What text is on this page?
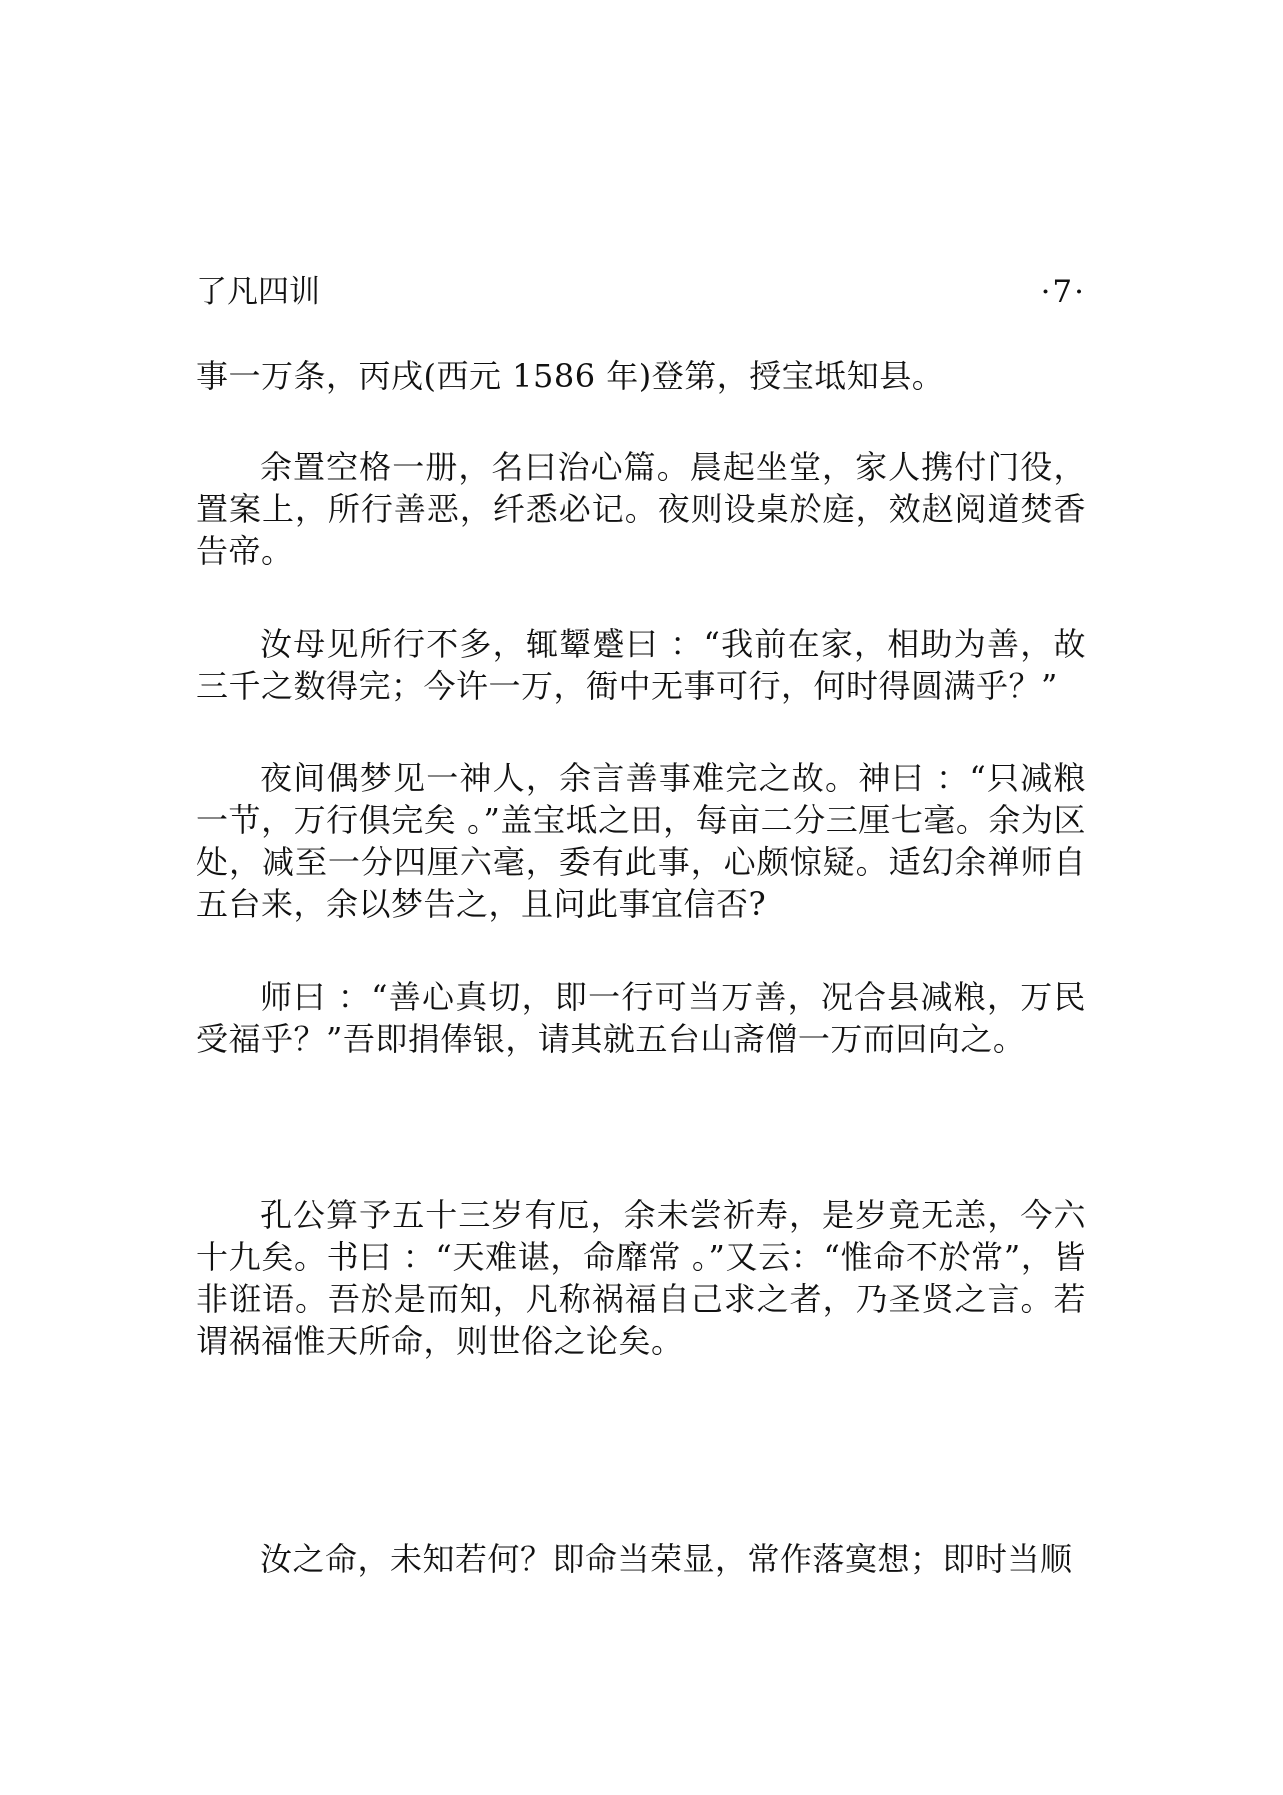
了凡四训	·7·

事一万条，丙戌(西元 1586 年)登第，授宝坻知县。

余置空格一册，名曰治心篇。晨起坐堂，家人携付门役，置案上，所行善恶，纤悉必记。夜则设桌於庭，效赵阅道焚香告帝。

汝母见所行不多，辄颦蹙曰 ：“我前在家，相助为善，故三千之数得完；今许一万，衙中无事可行，何时得圆满乎？”

夜间偶梦见一神人，余言善事难完之故。神曰 ：“只减粮一节，万行俱完矣 。”盖宝坻之田，每亩二分三厘七毫。余为区处，减至一分四厘六毫，委有此事，心颇惊疑。适幻余禅师自五台来，余以梦告之，且问此事宜信否?

师曰 ：“善心真切，即一行可当万善，况合县减粮，万民受福乎？”吾即捐俸银，请其就五台山斋僧一万而回向之。

孔公算予五十三岁有厄，余未尝祈寿，是岁竟无恙，今六十九矣。书曰 ：“天难谌，命靡常 。”又云：“惟命不於常”，皆非诳语。吾於是而知，凡称祸福自己求之者，乃圣贤之言。若谓祸福惟天所命，则世俗之论矣。

汝之命，未知若何？即命当荣显，常作落寞想；即时当顺
